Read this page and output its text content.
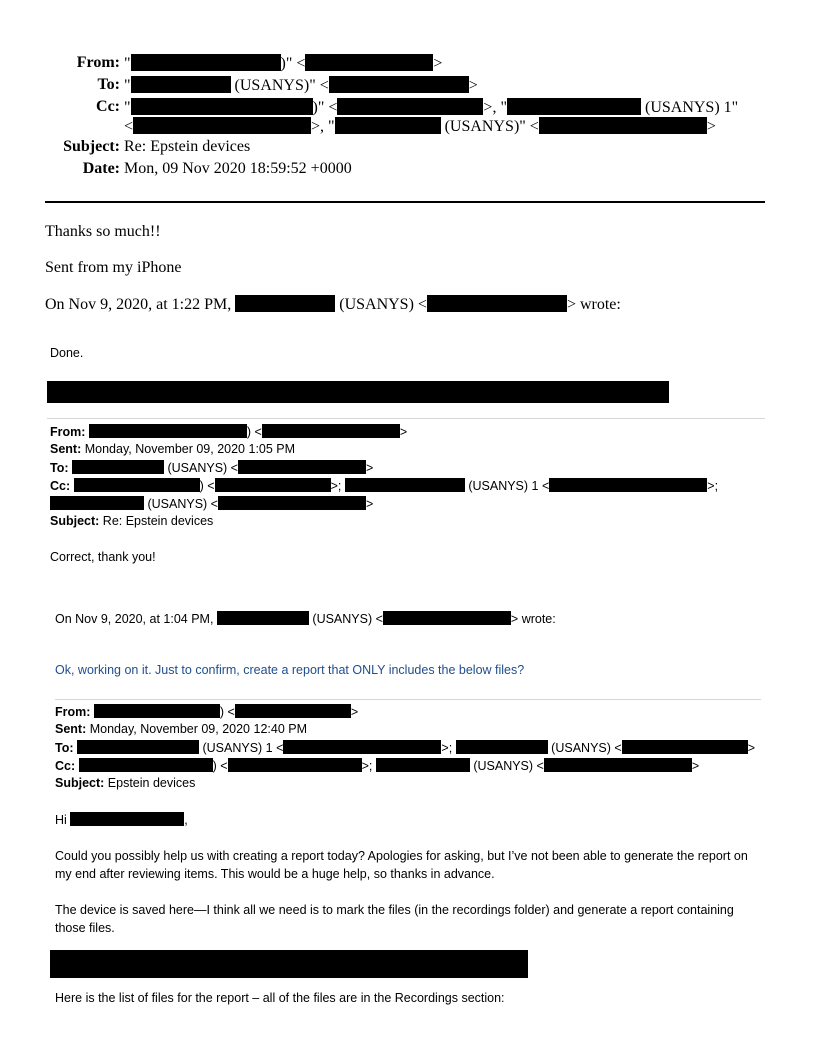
From: "	)" <	>
To: "	(USANYS)" <	>
Cc: "	)" <	>, "	(USANYS) 1"
<	>, "	(USANYS)" <	>
Subject: Re: Epstein devices
Date: Mon, 09 Nov 2020 18:59:52 +0000
Thanks so much!!
Sent from my iPhone
On Nov 9, 2020, at 1:22 PM,	(USANYS) <	> wrote:
Done.
From:	) <	>
Sent: Monday, November 09, 2020 1:05 PM
To:	(USANYS) <	>
Cc:	) <	>;	(USANYS) 1 <	>;
(USANYS) <	>
Subject: Re: Epstein devices
Correct, thank you!
On Nov 9, 2020, at 1:04 PM,	(USANYS) <	> wrote:
Ok, working on it. Just to confirm, create a report that ONLY includes the below files?
From:	) <	>
Sent: Monday, November 09, 2020 12:40 PM
To:	(USANYS) 1 <	>;	(USANYS) <	>
Cc:	) <	>;	(USANYS) <	>
Subject: Epstein devices
Hi	,
Could you possibly help us with creating a report today? Apologies for asking, but I’ve not been able to generate the report on my end after reviewing items. This would be a huge help, so thanks in advance.
The device is saved here—I think all we need is to mark the files (in the recordings folder) and generate a report containing those files.
Here is the list of files for the report – all of the files are in the Recordings section:
